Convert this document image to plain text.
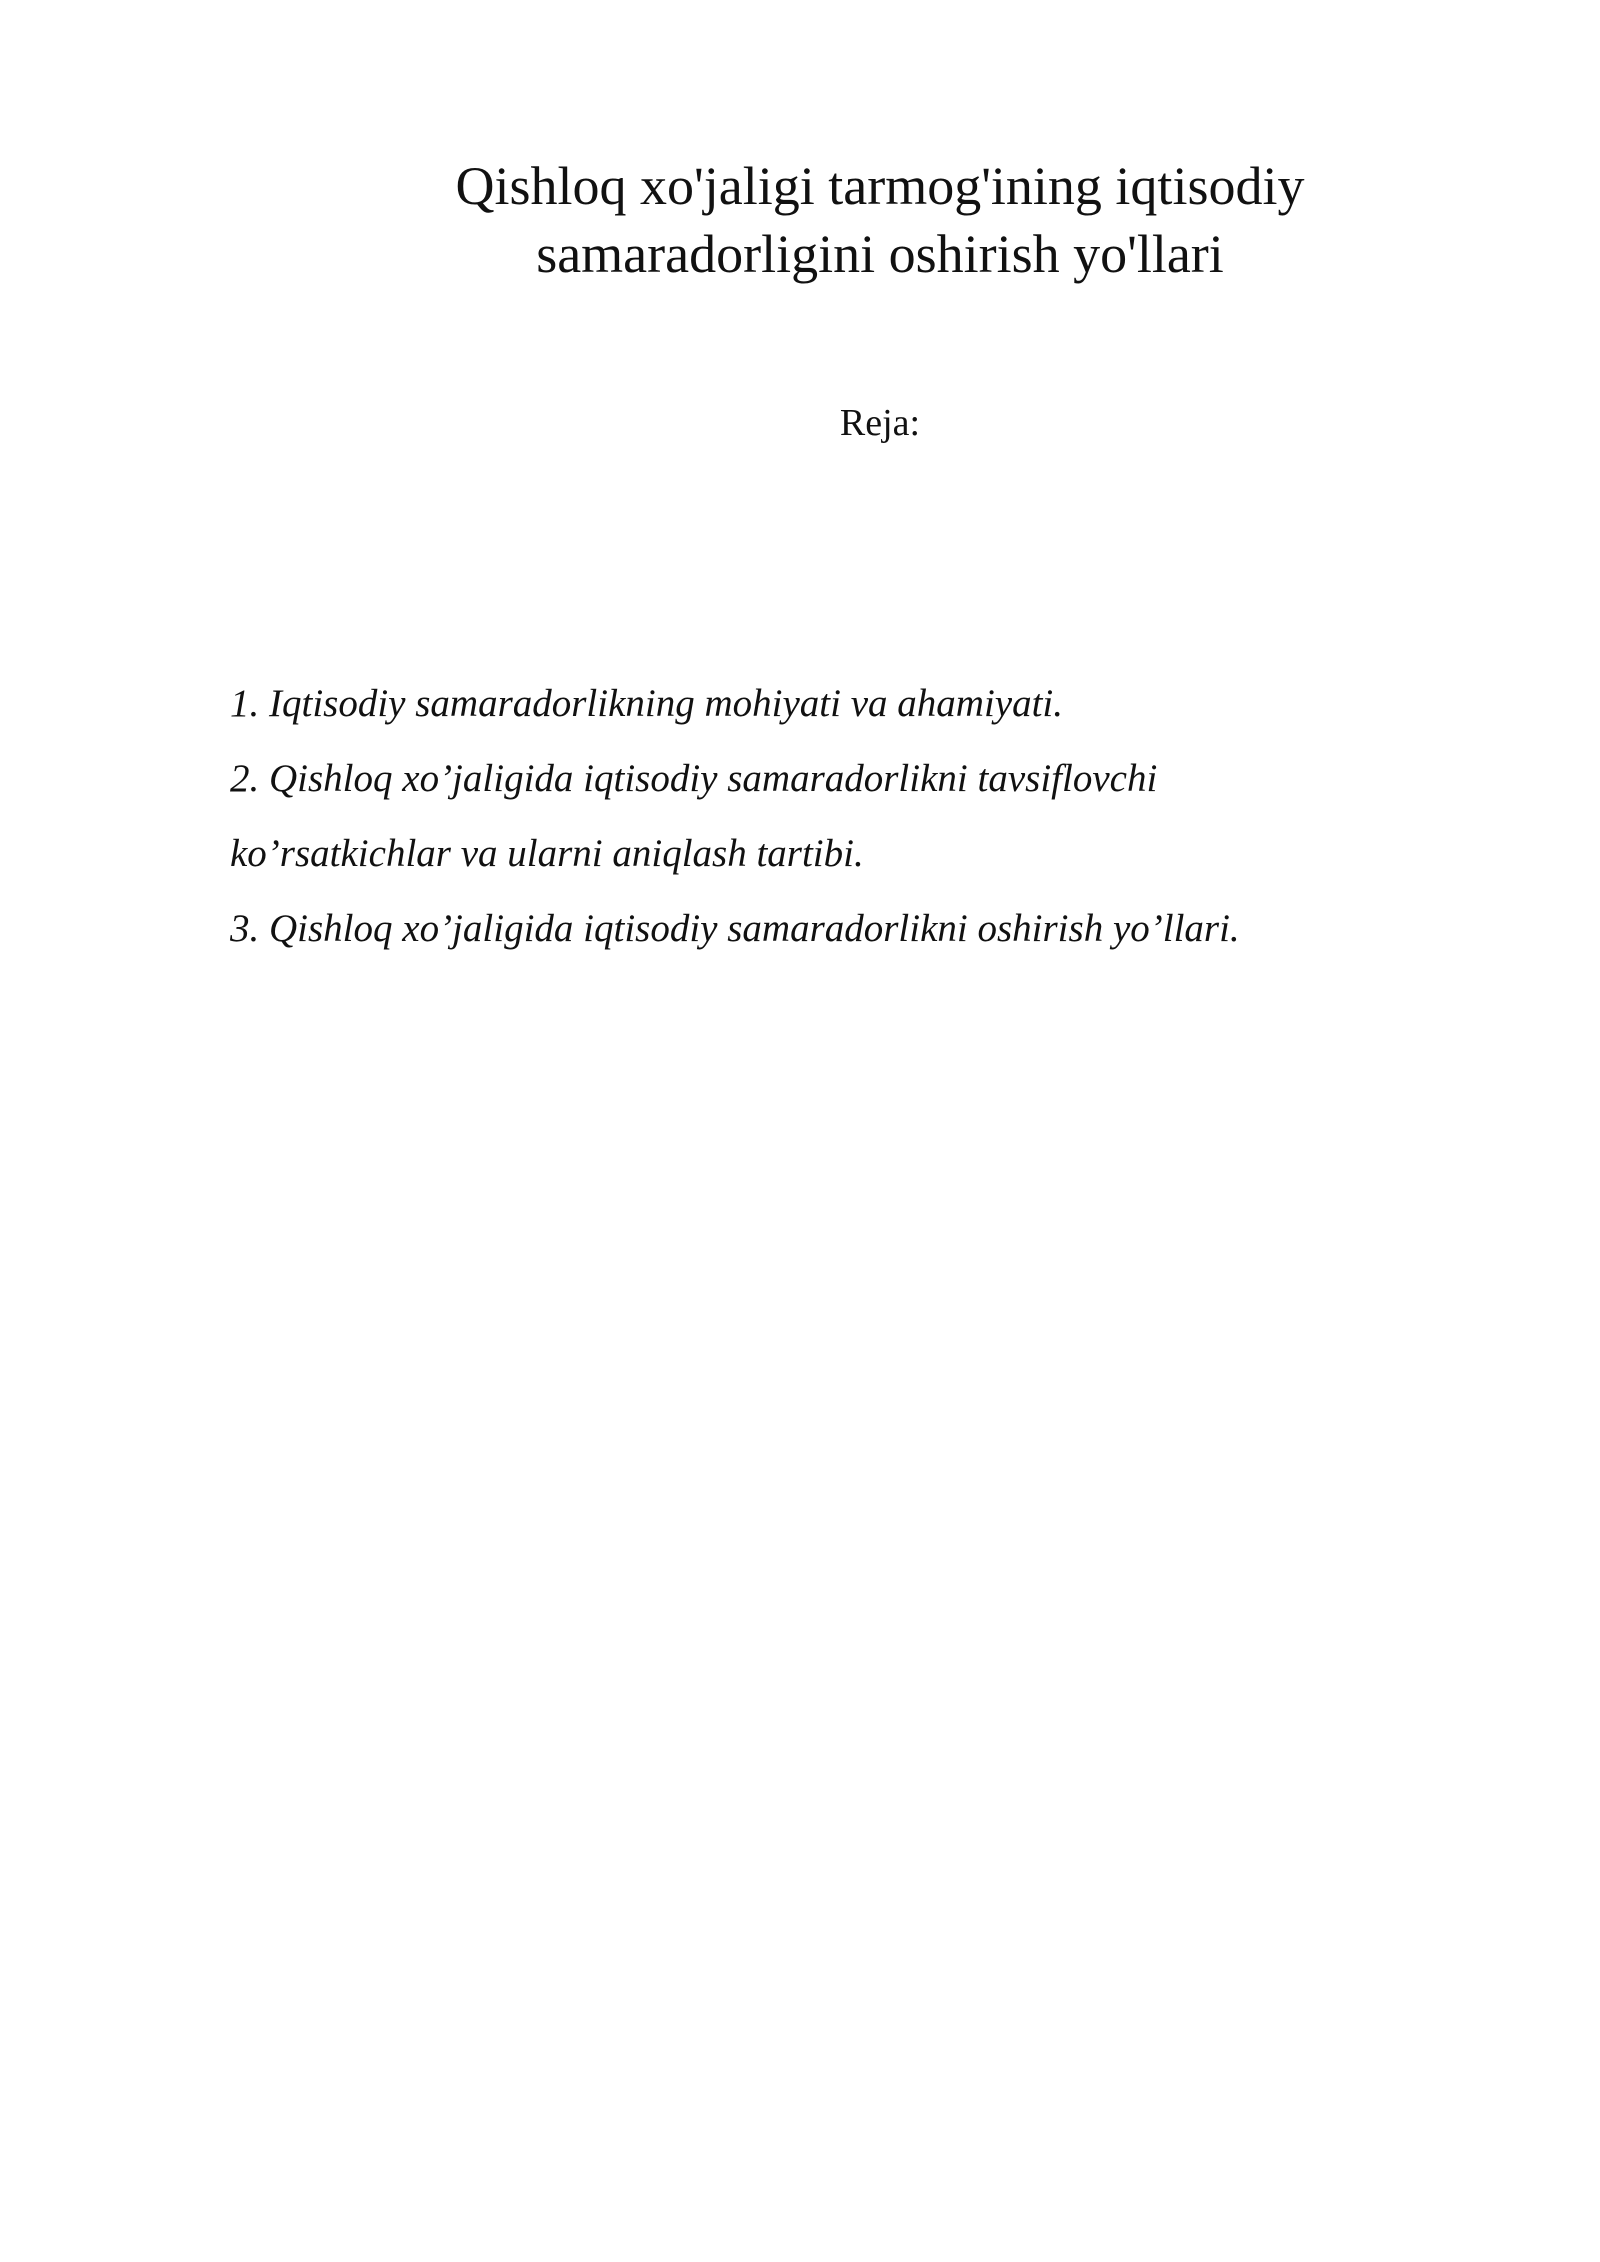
Qishloq xo'jaligi tarmog'ining iqtisodiy
samaradorligini oshirish yo'llari

Reja:

1. Iqtisodiy samaradorlikning mohiyati va ahamiyati.
2. Qishloq xo’jaligida iqtisodiy samaradorlikni tavsiflovchi
ko’rsatkichlar va ularni aniqlash tartibi.
3. Qishloq xo’jaligida iqtisodiy samaradorlikni oshirish yo’llari.
